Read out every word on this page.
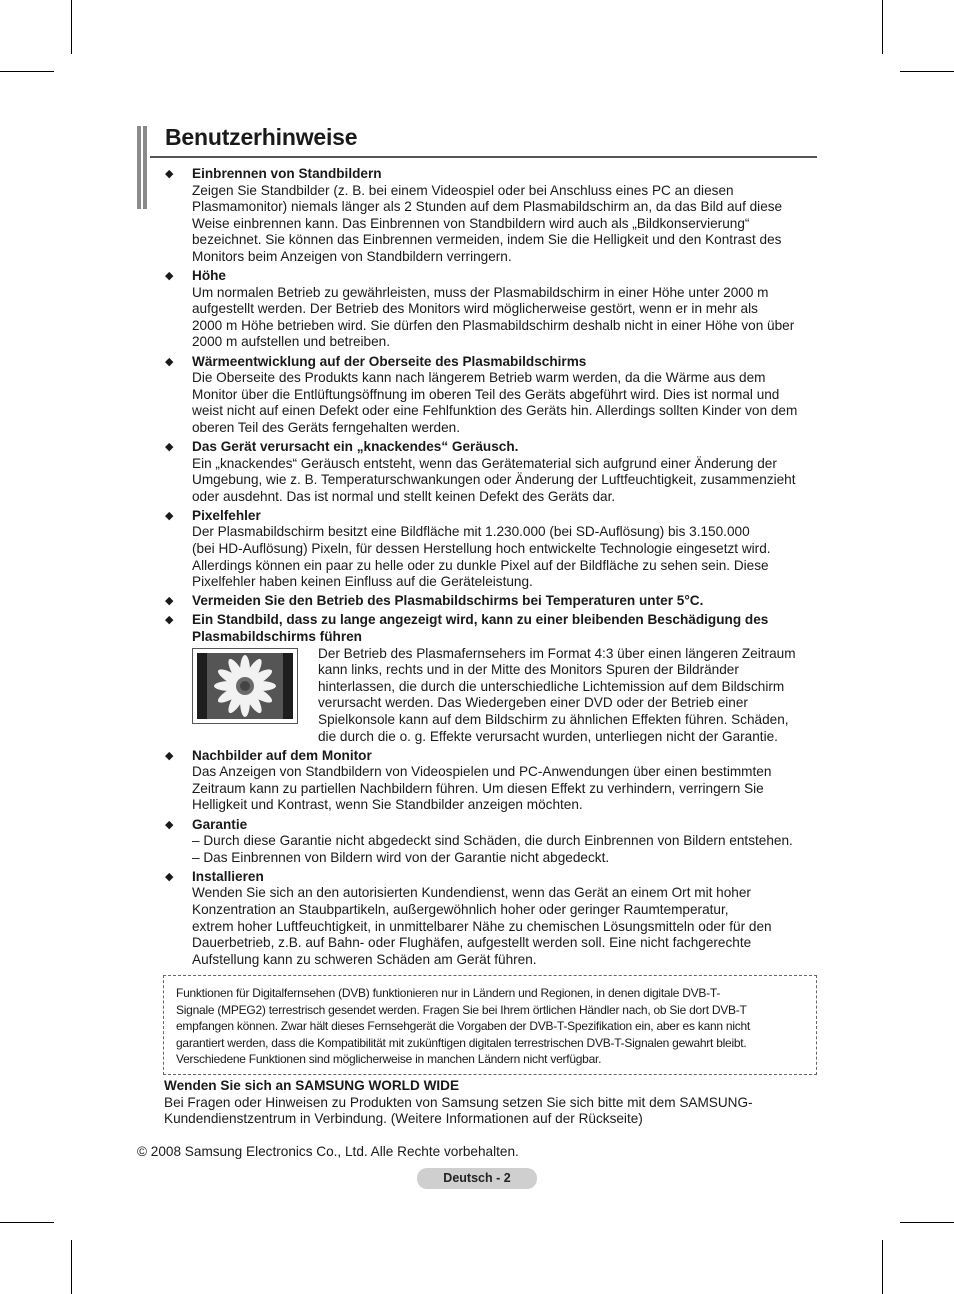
Benutzerhinweise
◆ Einbrennen von Standbildern
Zeigen Sie Standbilder (z. B. bei einem Videospiel oder bei Anschluss eines PC an diesen
Plasmamonitor) niemals länger als 2 Stunden auf dem Plasmabildschirm an, da das Bild auf diese
Weise einbrennen kann. Das Einbrennen von Standbildern wird auch als „Bildkonservierung“
bezeichnet. Sie können das Einbrennen vermeiden, indem Sie die Helligkeit und den Kontrast des
Monitors beim Anzeigen von Standbildern verringern.
◆ Höhe
Um normalen Betrieb zu gewährleisten, muss der Plasmabildschirm in einer Höhe unter 2000 m
aufgestellt werden. Der Betrieb des Monitors wird möglicherweise gestört, wenn er in mehr als
2000 m Höhe betrieben wird. Sie dürfen den Plasmabildschirm deshalb nicht in einer Höhe von über
2000 m aufstellen und betreiben.
◆ Wärmeentwicklung auf der Oberseite des Plasmabildschirms
Die Oberseite des Produkts kann nach längerem Betrieb warm werden, da die Wärme aus dem
Monitor über die Entlüftungsöffnung im oberen Teil des Geräts abgeführt wird. Dies ist normal und
weist nicht auf einen Defekt oder eine Fehlfunktion des Geräts hin. Allerdings sollten Kinder von dem
oberen Teil des Geräts ferngehalten werden.
◆ Das Gerät verursacht ein „knackendes“ Geräusch.
Ein „knackendes“ Geräusch entsteht, wenn das Gerätematerial sich aufgrund einer Änderung der
Umgebung, wie z. B. Temperaturschwankungen oder Änderung der Luftfeuchtigkeit, zusammenzieht
oder ausdehnt. Das ist normal und stellt keinen Defekt des Geräts dar.
◆ Pixelfehler
Der Plasmabildschirm besitzt eine Bildfläche mit 1.230.000 (bei SD-Auflösung) bis 3.150.000
(bei HD-Auflösung) Pixeln, für dessen Herstellung hoch entwickelte Technologie eingesetzt wird.
Allerdings können ein paar zu helle oder zu dunkle Pixel auf der Bildfläche zu sehen sein. Diese
Pixelfehler haben keinen Einfluss auf die Geräteleistung.
◆ Vermeiden Sie den Betrieb des Plasmabildschirms bei Temperaturen unter 5°C.
◆ Ein Standbild, dass zu lange angezeigt wird, kann zu einer bleibenden Beschädigung des
Plasmabildschirms führen
Der Betrieb des Plasmafernsehers im Format 4:3 über einen längeren Zeitraum
kann links, rechts und in der Mitte des Monitors Spuren der Bildränder
hinterlassen, die durch die unterschiedliche Lichtemission auf dem Bildschirm
verursacht werden. Das Wiedergeben einer DVD oder der Betrieb einer
Spielkonsole kann auf dem Bildschirm zu ähnlichen Effekten führen. Schäden,
die durch die o. g. Effekte verursacht wurden, unterliegen nicht der Garantie.
◆ Nachbilder auf dem Monitor
Das Anzeigen von Standbildern von Videospielen und PC-Anwendungen über einen bestimmten
Zeitraum kann zu partiellen Nachbildern führen. Um diesen Effekt zu verhindern, verringern Sie
Helligkeit und Kontrast, wenn Sie Standbilder anzeigen möchten.
◆ Garantie
– Durch diese Garantie nicht abgedeckt sind Schäden, die durch Einbrennen von Bildern entstehen.
– Das Einbrennen von Bildern wird von der Garantie nicht abgedeckt.
◆ Installieren
Wenden Sie sich an den autorisierten Kundendienst, wenn das Gerät an einem Ort mit hoher
Konzentration an Staubpartikeln, außergewöhnlich hoher oder geringer Raumtemperatur,
extrem hoher Luftfeuchtigkeit, in unmittelbarer Nähe zu chemischen Lösungsmitteln oder für den
Dauerbetrieb, z.B. auf Bahn- oder Flughäfen, aufgestellt werden soll. Eine nicht fachgerechte
Aufstellung kann zu schweren Schäden am Gerät führen.
Funktionen für Digitalfernsehen (DVB) funktionieren nur in Ländern und Regionen, in denen digitale DVB-T-
Signale (MPEG2) terrestrisch gesendet werden. Fragen Sie bei Ihrem örtlichen Händler nach, ob Sie dort DVB-T
empfangen können. Zwar hält dieses Fernsehgerät die Vorgaben der DVB-T-Spezifikation ein, aber es kann nicht
garantiert werden, dass die Kompatibilität mit zukünftigen digitalen terrestrischen DVB-T-Signalen gewahrt bleibt.
Verschiedene Funktionen sind möglicherweise in manchen Ländern nicht verfügbar.
Wenden Sie sich an SAMSUNG WORLD WIDE
Bei Fragen oder Hinweisen zu Produkten von Samsung setzen Sie sich bitte mit dem SAMSUNG-
Kundendienstzentrum in Verbindung. (Weitere Informationen auf der Rückseite)
© 2008 Samsung Electronics Co., Ltd. Alle Rechte vorbehalten.
Deutsch - 2
